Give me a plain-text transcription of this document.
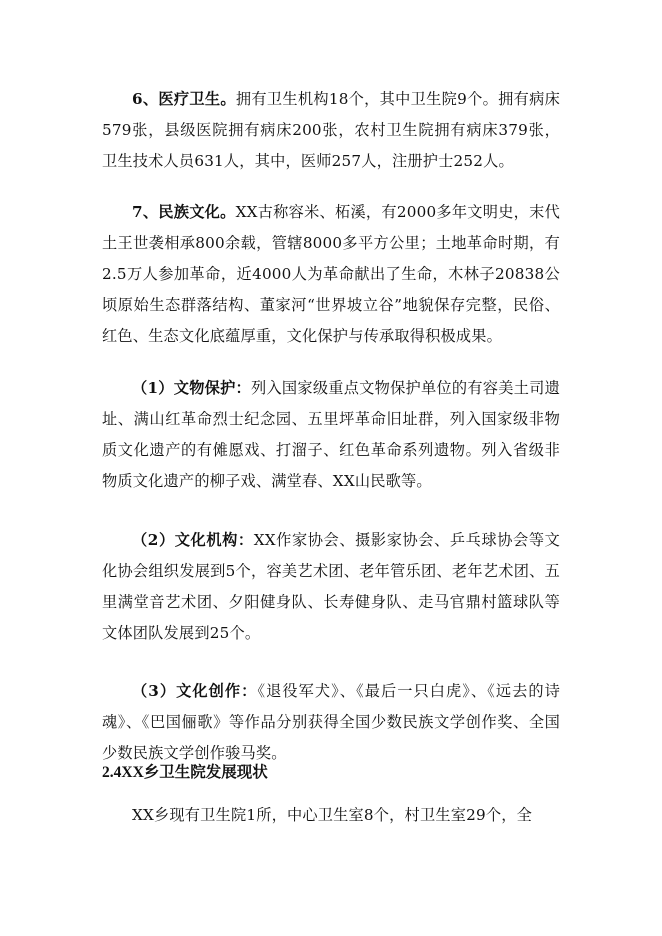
6、医疗卫生。拥有卫生机构18个，其中卫生院9个。拥有病床579张，县级医院拥有病床200张，农村卫生院拥有病床379张，卫生技术人员631人，其中，医师257人，注册护士252人。

7、民族文化。XX古称容米、柘溪，有2000多年文明史，末代土王世袭相承800余载，管辖8000多平方公里；土地革命时期，有2.5万人参加革命，近4000人为革命献出了生命，木林子20838公顷原始生态群落结构、董家河“世界坡立谷”地貌保存完整，民俗、红色、生态文化底蕴厚重，文化保护与传承取得积极成果。

（1）文物保护：列入国家级重点文物保护单位的有容美土司遗址、满山红革命烈士纪念园、五里坪革命旧址群，列入国家级非物质文化遗产的有傩愿戏、打溜子、红色革命系列遗物。列入省级非物质文化遗产的柳子戏、满堂春、XX山民歌等。

（2）文化机构：XX作家协会、摄影家协会、乒乓球协会等文化协会组织发展到5个，容美艺术团、老年管乐团、老年艺术团、五里满堂音艺术团、夕阳健身队、长寿健身队、走马官鼎村篮球队等文体团队发展到25个。

（3）文化创作：《退役军犬》、《最后一只白虎》、《远去的诗魂》、《巴国俪歌》等作品分别获得全国少数民族文学创作奖、全国少数民族文学创作骏马奖。

2.4XX乡卫生院发展现状

XX乡现有卫生院1所，中心卫生室8个，村卫生室29个，全
